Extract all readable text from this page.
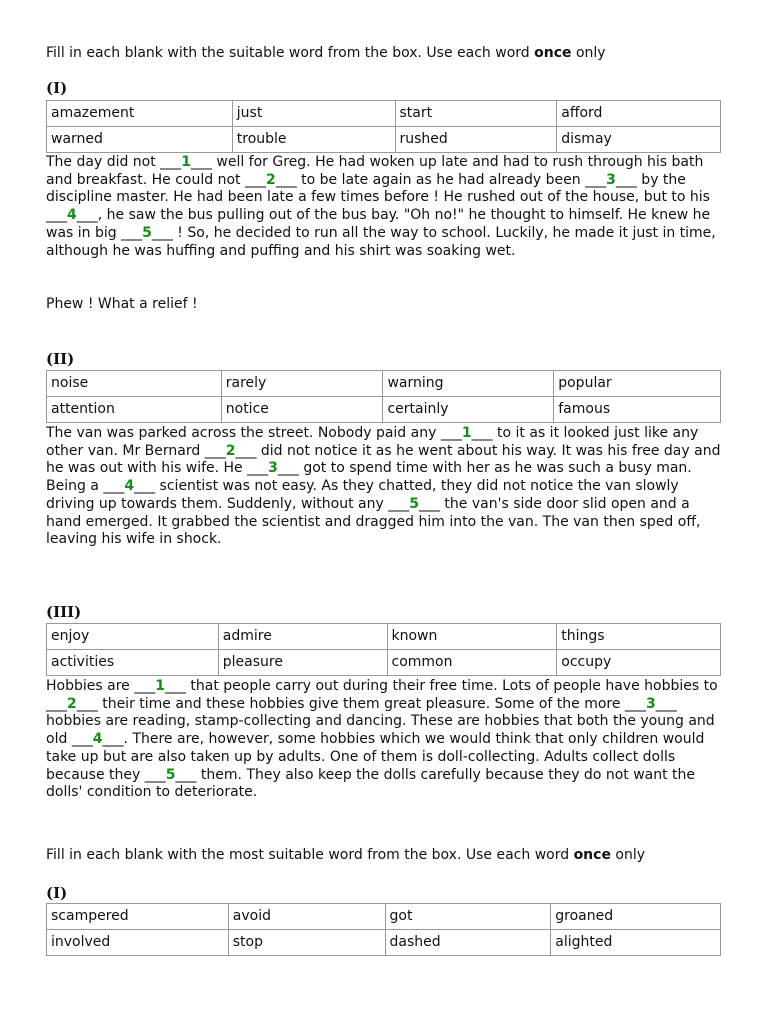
Fill in each blank with the suitable word from the box. Use each word once only
(I)
amazement	just	start	afford
warned	trouble	rushed	dismay

The day did not ___1___ well for Greg. He had woken up late and had to rush through his bath and breakfast. He could not ___2___ to be late again as he had already been ___3___ by the discipline master. He had been late a few times before ! He rushed out of the house, but to his ___4___, he saw the bus pulling out of the bus bay. "Oh no!" he thought to himself. He knew he was in big ___5___ ! So, he decided to run all the way to school. Luckily, he made it just in time, although he was huffing and puffing and his shirt was soaking wet.

Phew ! What a relief !

(II)
noise	rarely	warning	popular
attention	notice	certainly	famous

The van was parked across the street. Nobody paid any ___1___ to it as it looked just like any other van. Mr Bernard ___2___ did not notice it as he went about his way. It was his free day and he was out with his wife. He ___3___ got to spend time with her as he was such a busy man. Being a ___4___ scientist was not easy. As they chatted, they did not notice the van slowly driving up towards them. Suddenly, without any ___5___ the van's side door slid open and a hand emerged. It grabbed the scientist and dragged him into the van. The van then sped off, leaving his wife in shock.

(III)
enjoy	admire	known	things
activities	pleasure	common	occupy

Hobbies are ___1___ that people carry out during their free time. Lots of people have hobbies to ___2___ their time and these hobbies give them great pleasure. Some of the more ___3___ hobbies are reading, stamp-collecting and dancing. These are hobbies that both the young and old ___4___. There are, however, some hobbies which we would think that only children would take up but are also taken up by adults. One of them is doll-collecting. Adults collect dolls because they ___5___ them. They also keep the dolls carefully because they do not want the dolls' condition to deteriorate.

Fill in each blank with the most suitable word from the box. Use each word once only
(I)
scampered	avoid	got	groaned
involved	stop	dashed	alighted
